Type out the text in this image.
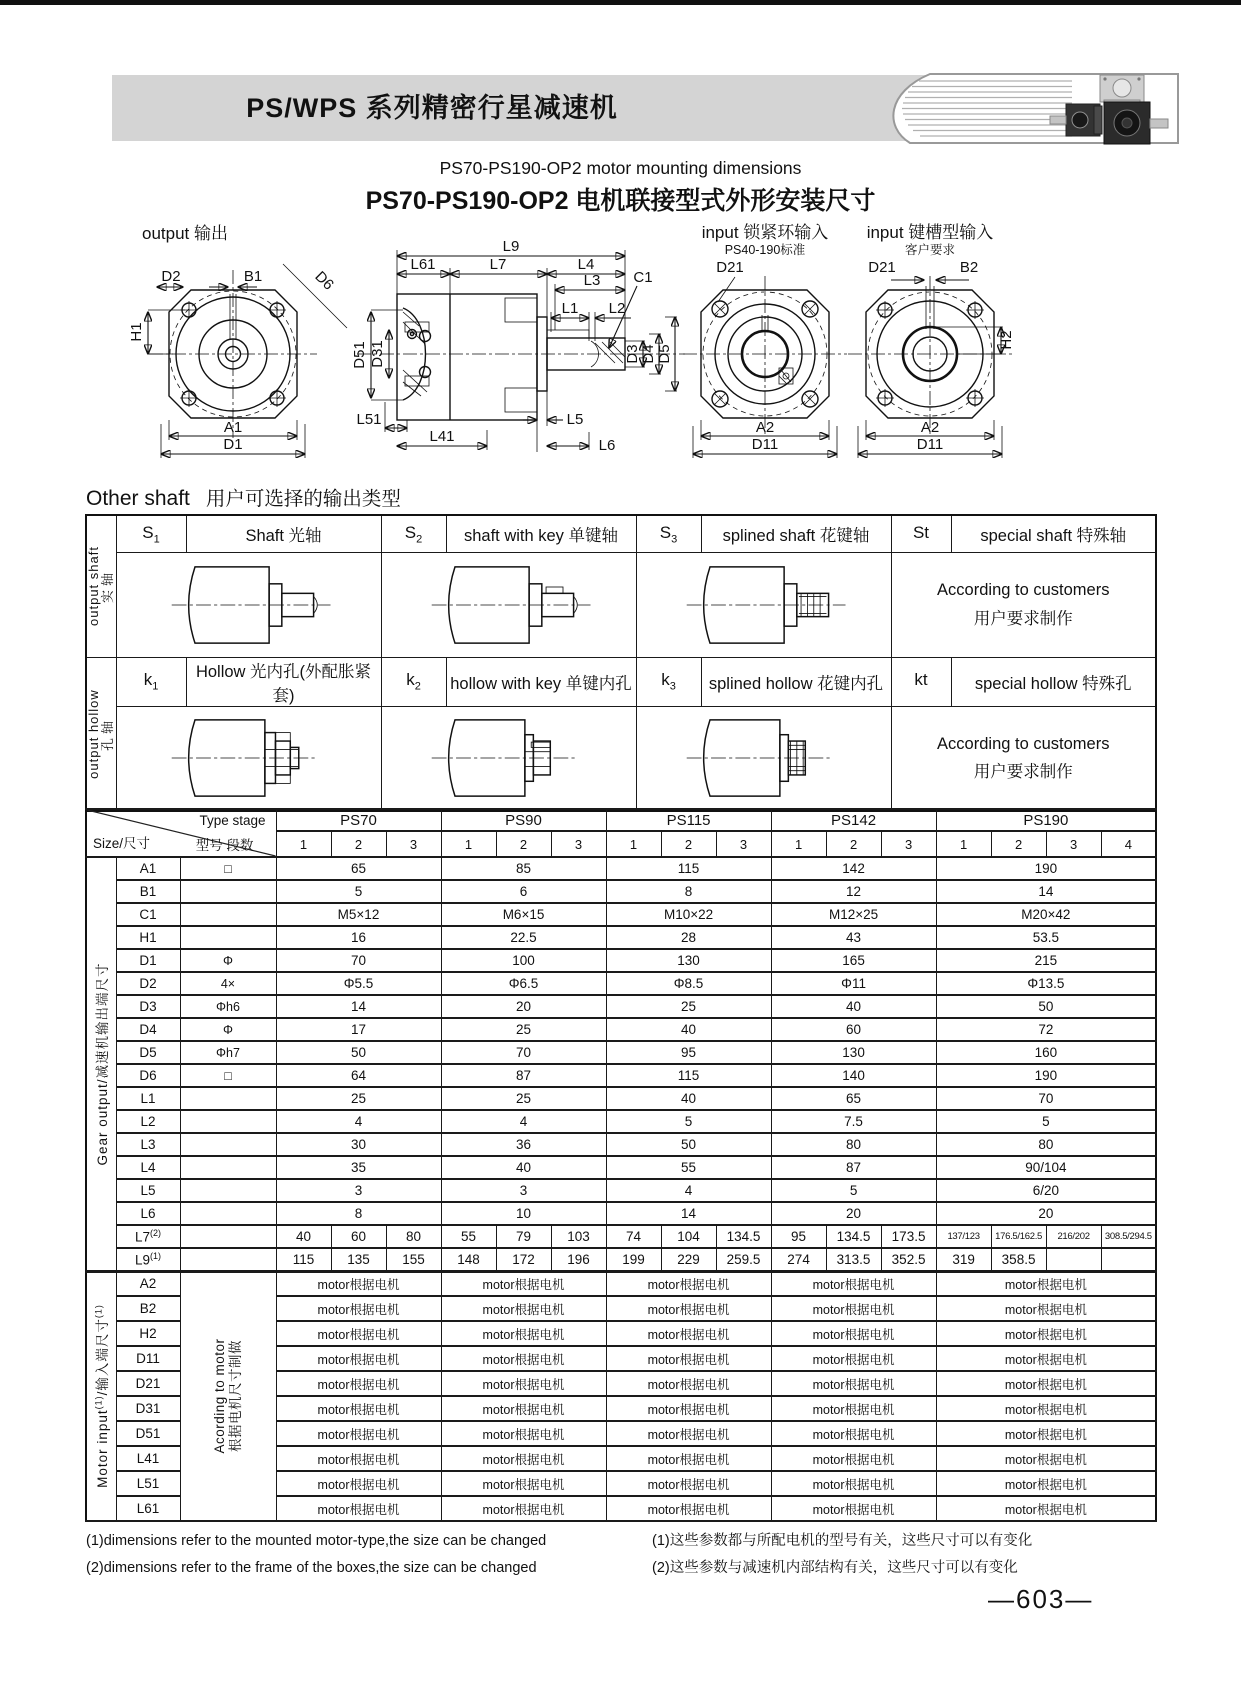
PS/WPS 系列精密行星减速机
PS70-PS190-OP2 motor mounting dimensions
PS70-PS190-OP2 电机联接型式外形安装尺寸
output 输出
D2	B1
H1
D6
A1
D1
L9
L61	L7	L4
L3 C1
L1 L2
D51 D31	D3 D4 D5
L51
L41
L5
L6
input 锁紧环输入
PS40-190标准
D21
A2
D11
input 键槽型输入
客户要求
D21	B2
H2
A2
D11
Other shaft 用户可选择的输出类型
output shaft 实轴	$S_1$	Shaft 光轴	$S_2$	shaft with key 单键轴	$S_3$	splined shaft 花键轴	St	special shaft 特殊轴

According to customers
用户要求制作	

output hollow 孔轴	$k_1$	Hollow 光内孔(外配胀紧套)	$k_2$	hollow with key 单键内孔	$k_3$	splined hollow 花键内孔	kt	special hollow 特殊孔

According to customers
用户要求制作	
Type stage
型号 段数
Size/尺寸			PS70			PS90			PS115			PS142			PS190			
			1	2	3	1	2	3	1	2	3	1	2	3	1	2	3	4

Gear output/减速机输出端尺寸	A1	□	65			85			115			142			190			
	B1		5			6			8			12			14			
	C1		M5×12			M6×15			M10×22			M12×25			M20×42			
	H1		16			22.5			28			43			53.5			
	D1	Φ	70			100			130			165			215			
	D2	4×	Φ5.5			Φ6.5			Φ8.5			Φ11			Φ13.5			
	D3	Φh6	14			20			25			40			50			
	D4	Φ	17			25			40			60			72			
	D5	Φh7	50			70			95			130			160			
	D6	□	64			87			115			140			190			
	L1		25			25			40			65			70			
	L2		4			4			5			7.5			5			
	L3		30			36			50			80			80			
	L4		35			40			55			87			90/104			
	L5		3			3			4			5			6/20			
	L6		8			10			14			20			20			
	L7$^{(2)}$		40	60	80	55	79	103	74	104	134.5	95	134.5	173.5	137/123	176.5/162.5	216/202	308.5/294.5
	L9$^{(1)}$		115	135	155	148	172	196	199	229	259.5	274	313.5	352.5	319	358.5		

Motor input$^{(1)}$/输入端尺寸$^{(1)}$	A2	Acording to motor 根据电机尺寸制做	motor根据电机			motor根据电机			motor根据电机			motor根据电机			motor根据电机			
	B2		motor根据电机			motor根据电机			motor根据电机			motor根据电机			motor根据电机			
	H2		motor根据电机			motor根据电机			motor根据电机			motor根据电机			motor根据电机			
	D11		motor根据电机			motor根据电机			motor根据电机			motor根据电机			motor根据电机			
	D21		motor根据电机			motor根据电机			motor根据电机			motor根据电机			motor根据电机			
	D31		motor根据电机			motor根据电机			motor根据电机			motor根据电机			motor根据电机			
	D51		motor根据电机			motor根据电机			motor根据电机			motor根据电机			motor根据电机			
	L41		motor根据电机			motor根据电机			motor根据电机			motor根据电机			motor根据电机			
	L51		motor根据电机			motor根据电机			motor根据电机			motor根据电机			motor根据电机			
	L61		motor根据电机			motor根据电机			motor根据电机			motor根据电机			motor根据电机			
(1)dimensions refer to the mounted motor-type,the size can be changed
(2)dimensions refer to the frame of the boxes,the size can be changed
(1)这些参数都与所配电机的型号有关，这些尺寸可以有变化
(2)这些参数与减速机内部结构有关，这些尺寸可以有变化
—603—
